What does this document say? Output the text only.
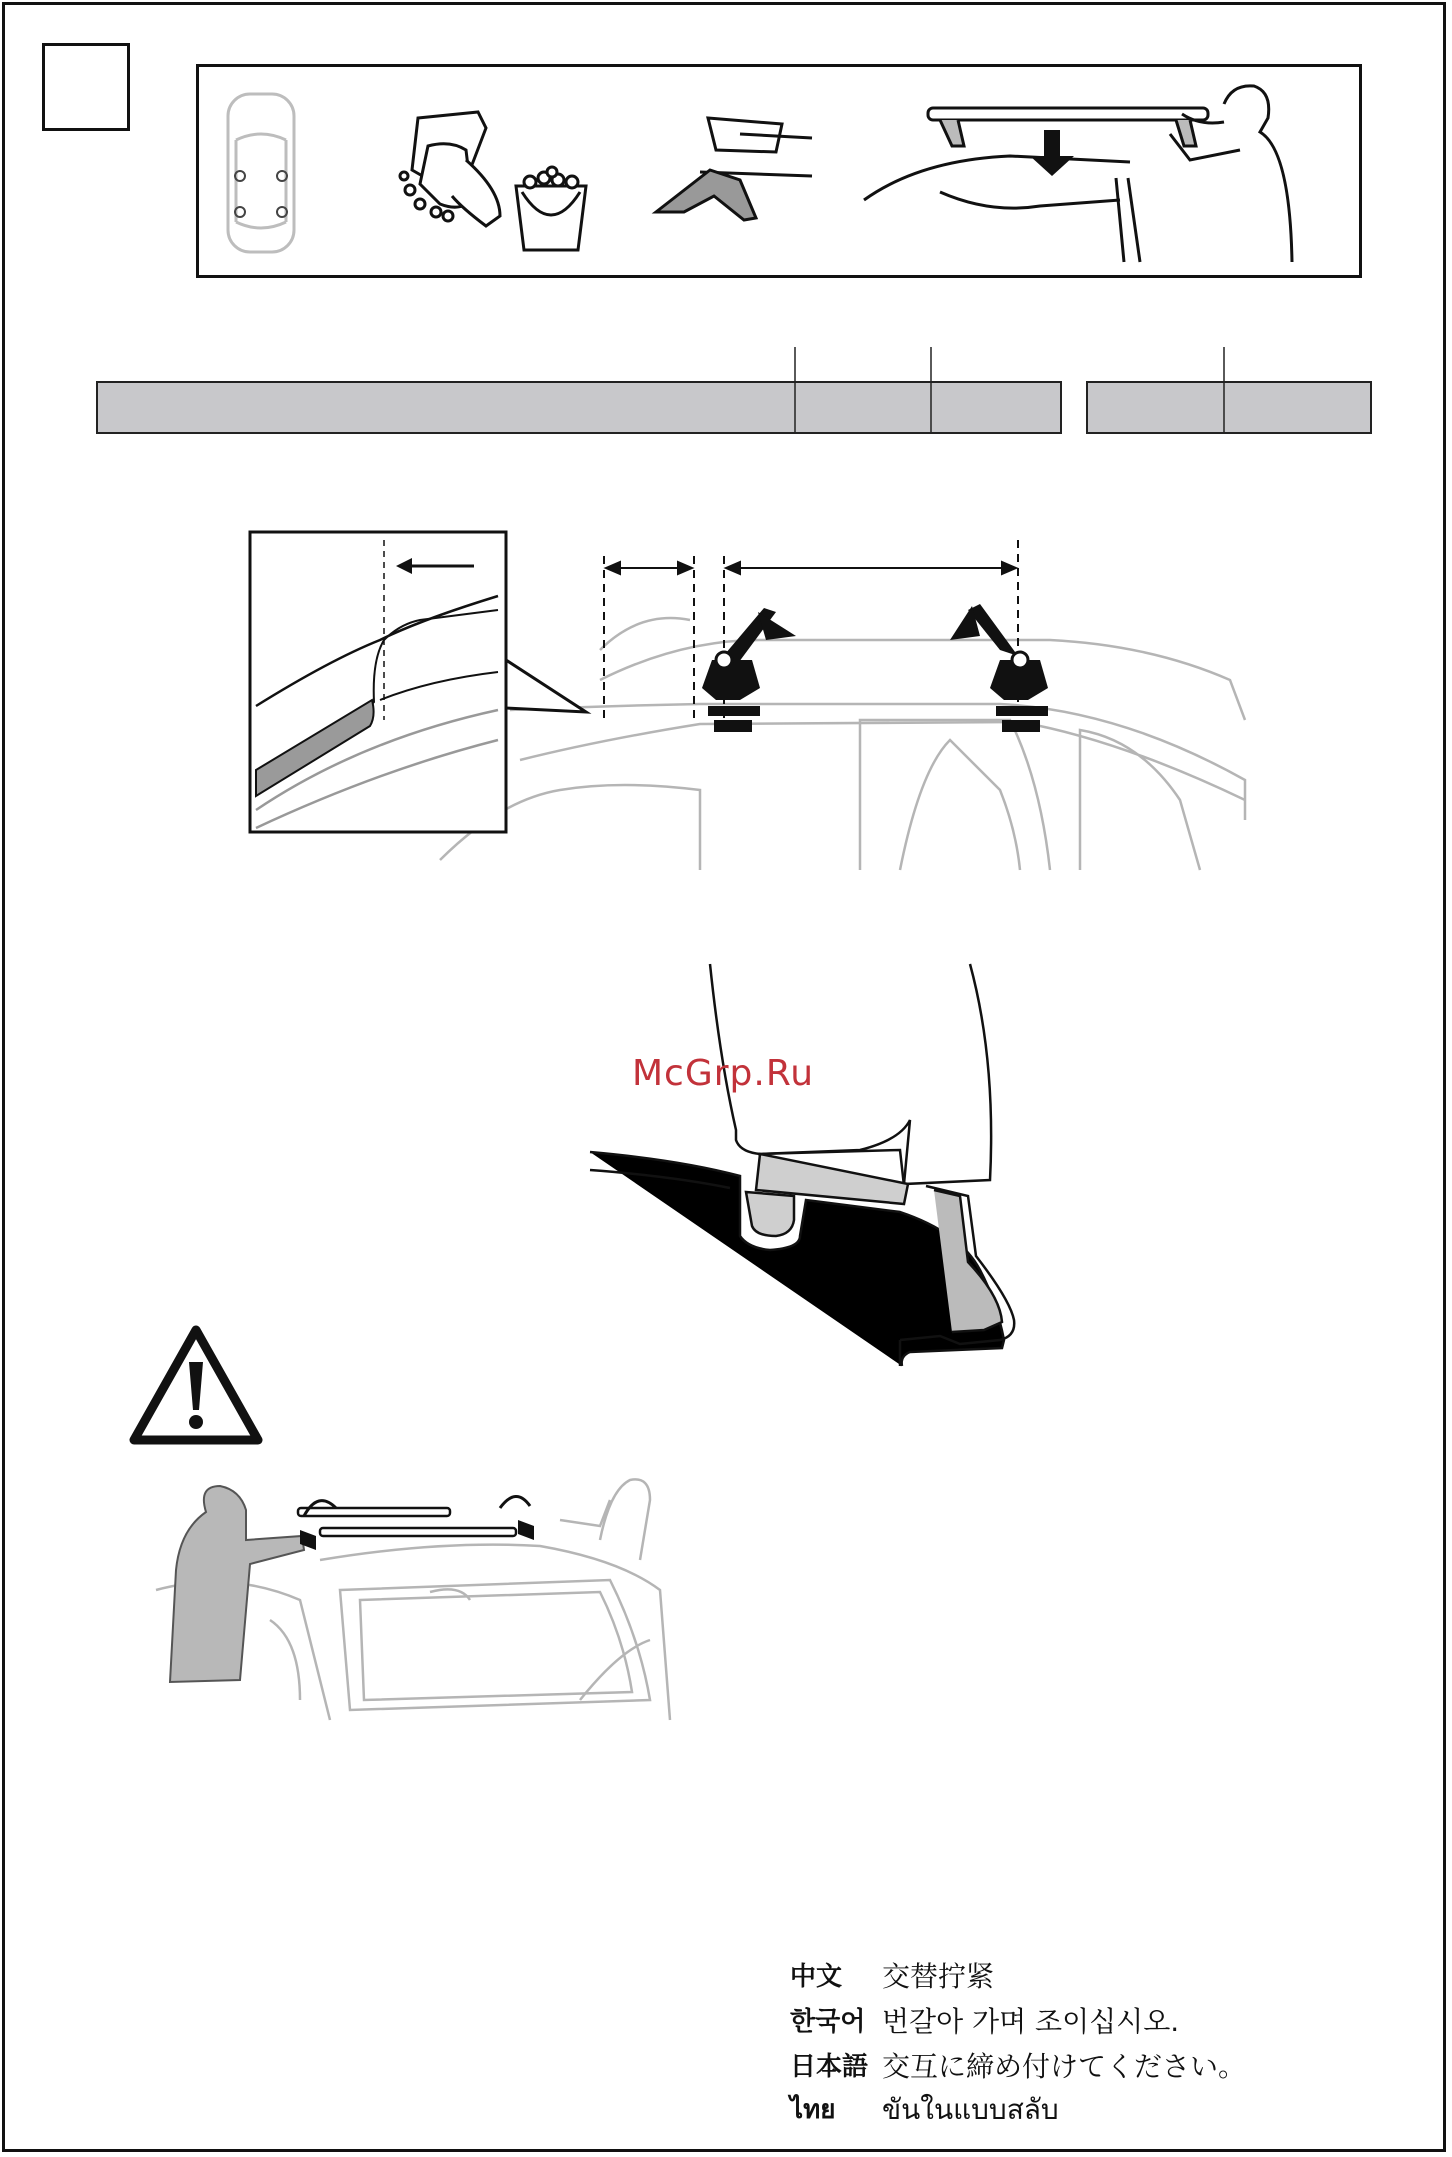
McGrp.Ru
中文	交替拧紧
한국어 번갈아 가며 조이십시오.
日本語 交互に締め付けてください。
ไทย	ขันในแบบสลับ
